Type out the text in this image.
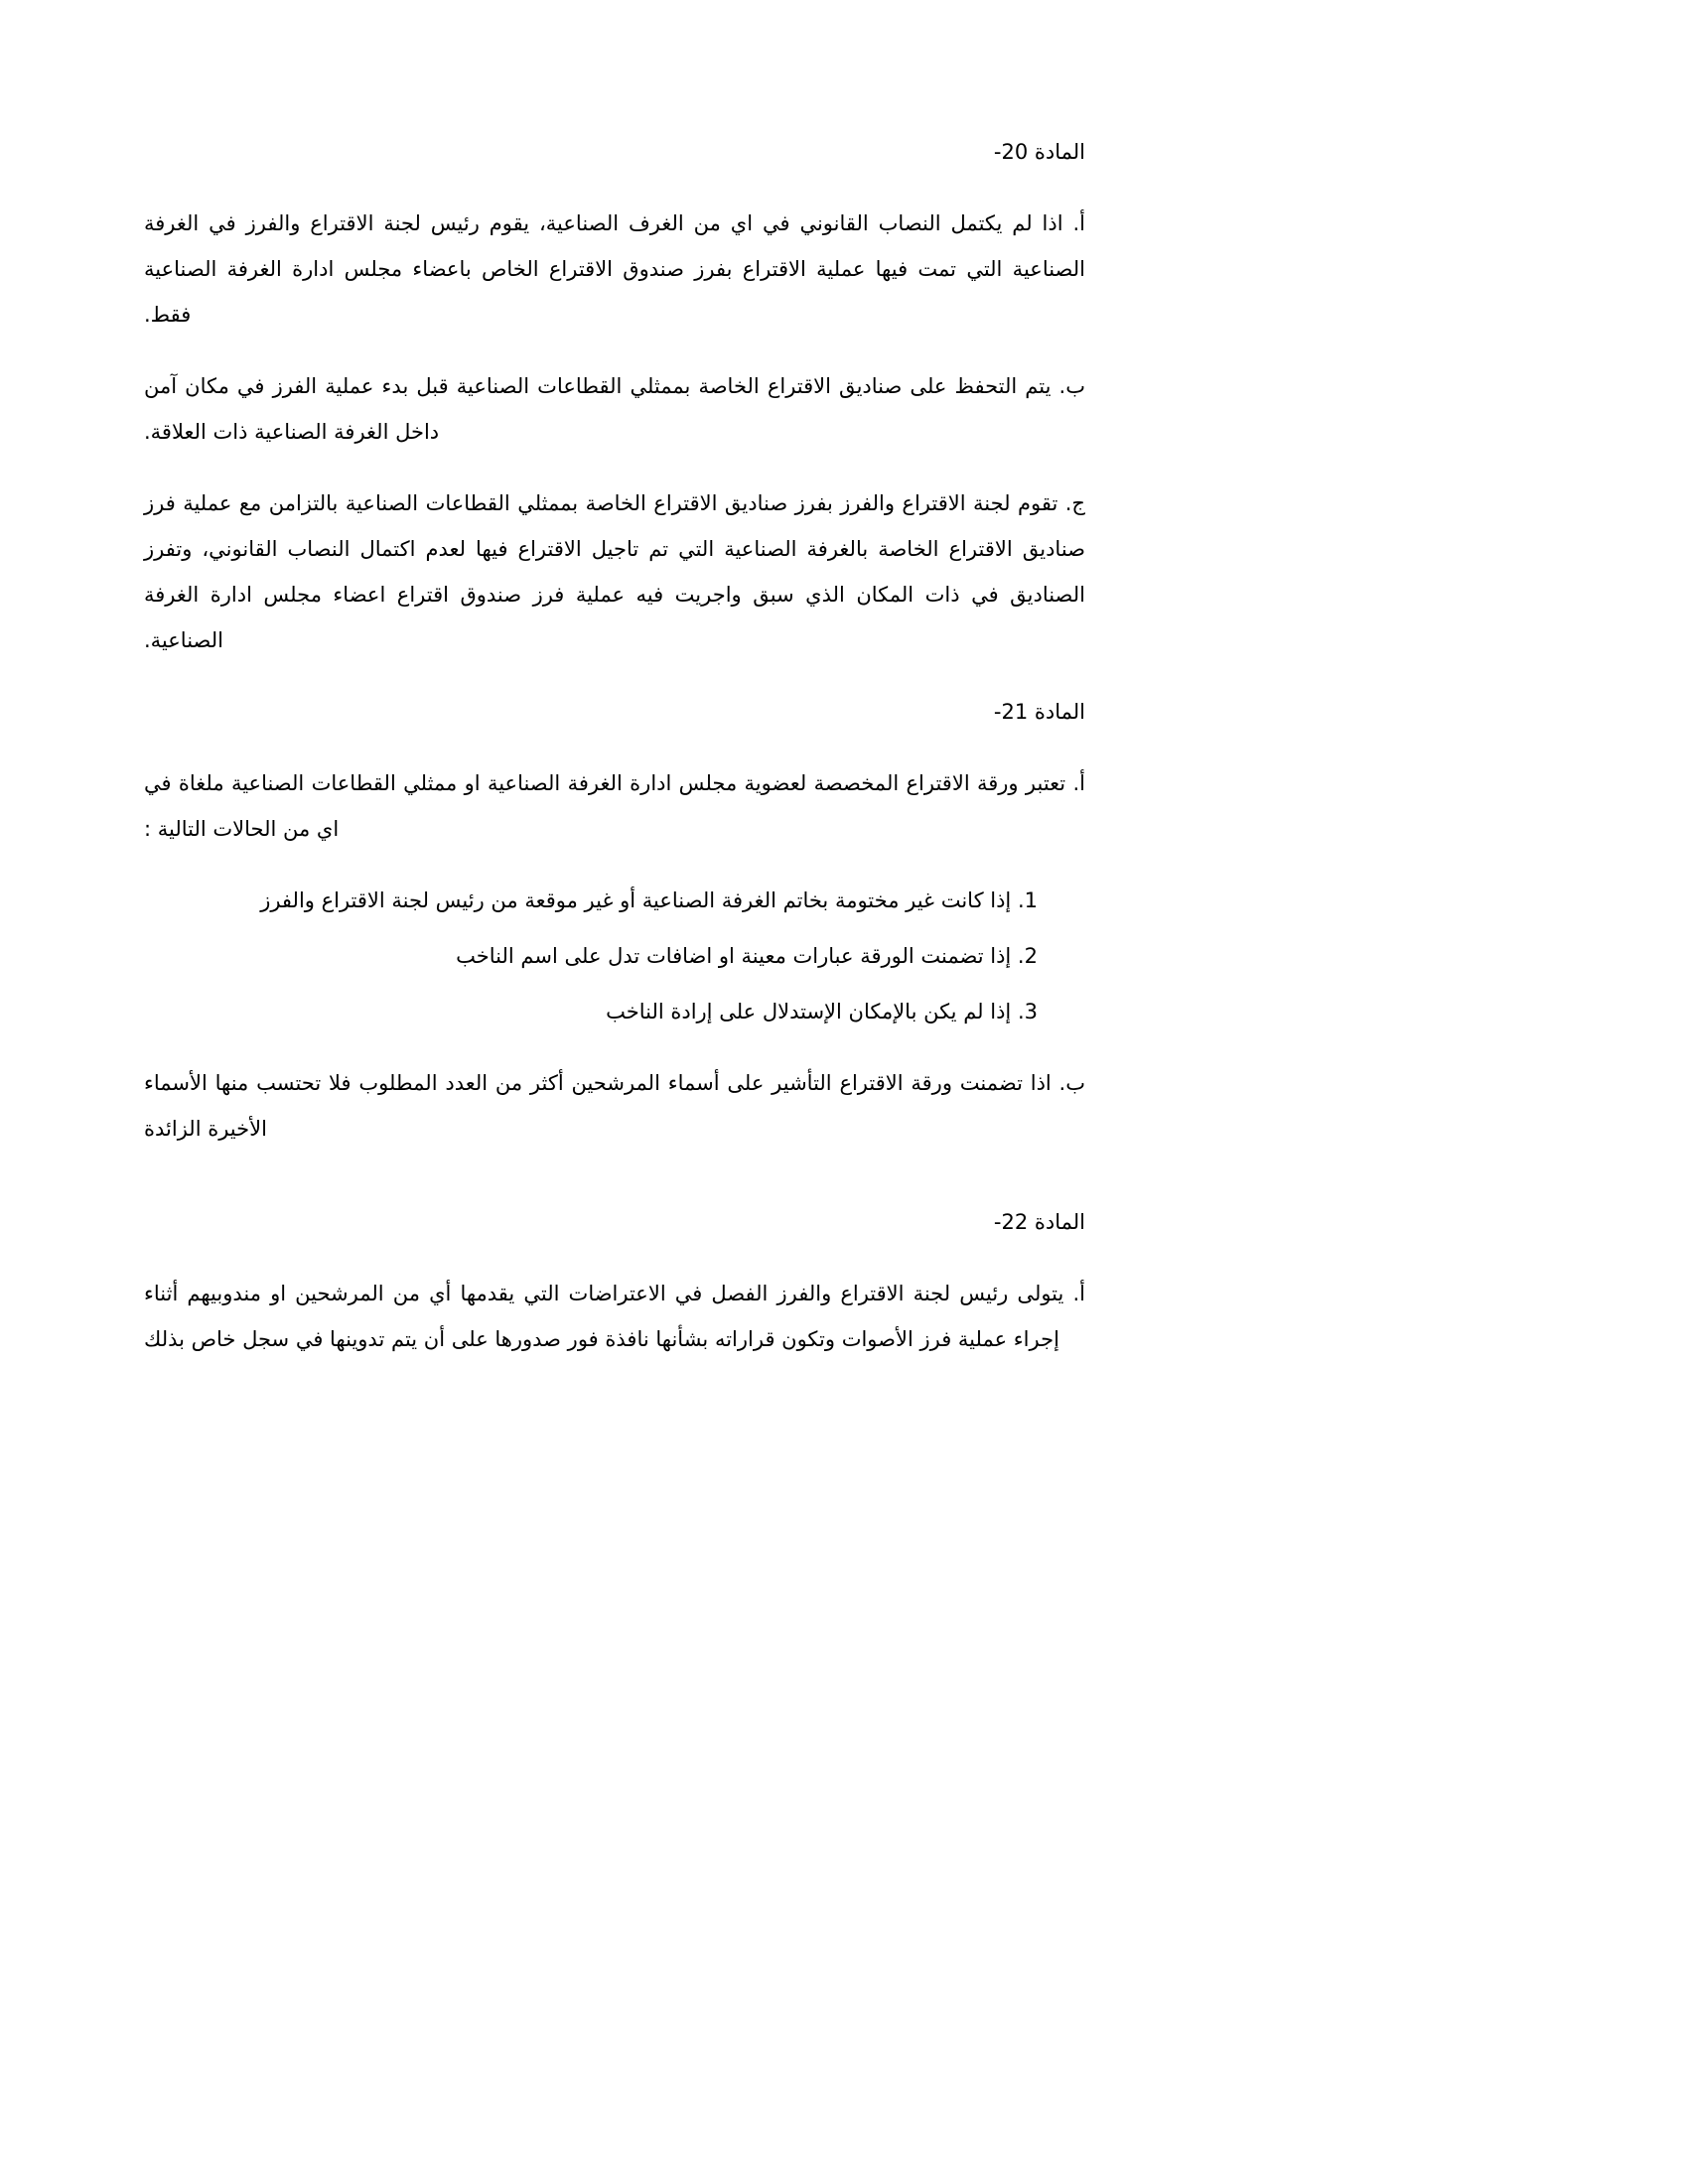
المادة 20-

أ. اذا لم يكتمل النصاب القانوني في اي من الغرف الصناعية، يقوم رئيس لجنة الاقتراع والفرز في الغرفة الصناعية التي تمت فيها عملية الاقتراع بفرز صندوق الاقتراع الخاص باعضاء مجلس ادارة الغرفة الصناعية فقط.

ب. يتم التحفظ على صناديق الاقتراع الخاصة بممثلي القطاعات الصناعية قبل بدء عملية الفرز في مكان آمن داخل الغرفة الصناعية ذات العلاقة.

ج. تقوم لجنة الاقتراع والفرز بفرز صناديق الاقتراع الخاصة بممثلي القطاعات الصناعية بالتزامن مع عملية فرز صناديق الاقتراع الخاصة بالغرفة الصناعية التي تم تاجيل الاقتراع فيها لعدم اكتمال النصاب القانوني، وتفرز الصناديق في ذات المكان الذي سبق واجريت فيه عملية فرز صندوق اقتراع اعضاء مجلس ادارة الغرفة الصناعية.

المادة 21-

أ. تعتبر ورقة الاقتراع المخصصة لعضوية مجلس ادارة الغرفة الصناعية او ممثلي القطاعات الصناعية ملغاة في اي من الحالات التالية :

1. إذا كانت غير مختومة بخاتم الغرفة الصناعية أو غير موقعة من رئيس لجنة الاقتراع والفرز
2. إذا تضمنت الورقة عبارات معينة او اضافات تدل على اسم الناخب
3. إذا لم يكن بالإمكان الإستدلال على إرادة الناخب

ب. اذا تضمنت ورقة الاقتراع التأشير على أسماء المرشحين أكثر من العدد المطلوب فلا تحتسب منها الأسماء الأخيرة الزائدة

المادة 22-

أ. يتولى رئيس لجنة الاقتراع والفرز الفصل في الاعتراضات التي يقدمها أي من المرشحين او مندوبيهم أثناء إجراء عملية فرز الأصوات وتكون قراراته بشأنها نافذة فور صدورها على أن يتم تدوينها في سجل خاص بذلك
